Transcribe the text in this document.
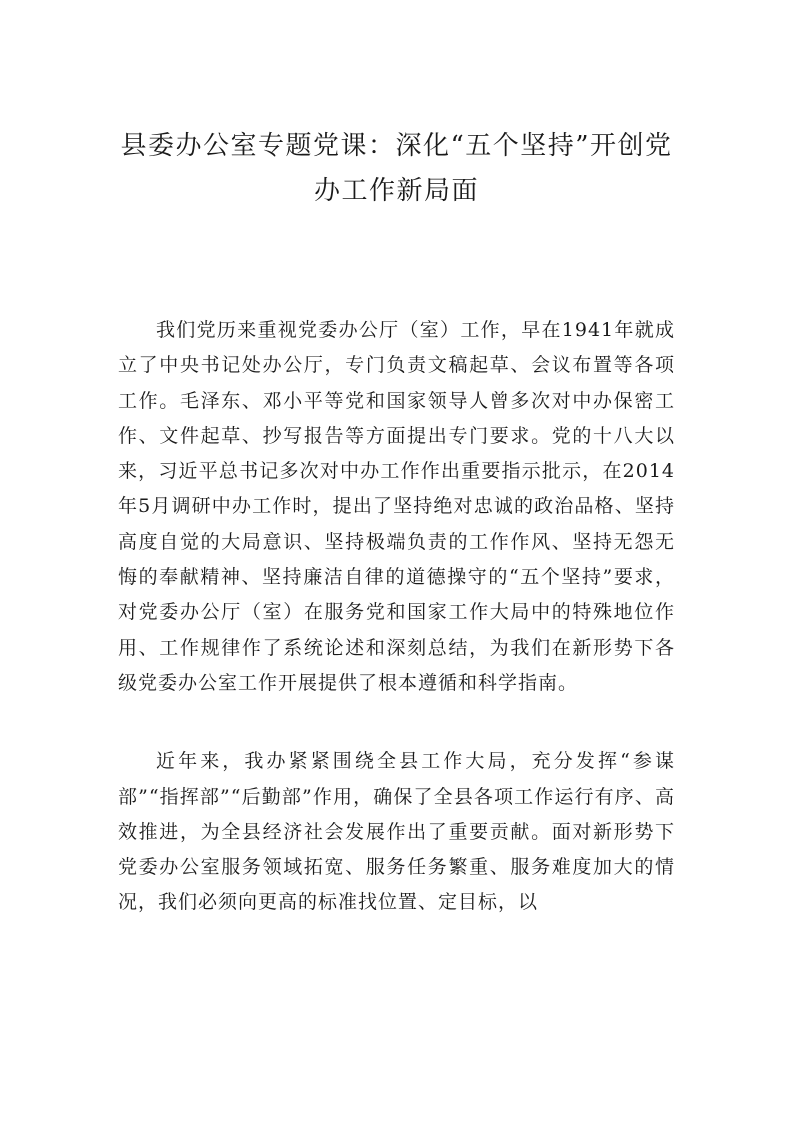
县委办公室专题党课：深化“五个坚持”开创党办工作新局面

我们党历来重视党委办公厅（室）工作，早在1941年就成立了中央书记处办公厅，专门负责文稿起草、会议布置等各项工作。毛泽东、邓小平等党和国家领导人曾多次对中办保密工作、文件起草、抄写报告等方面提出专门要求。党的十八大以来，习近平总书记多次对中办工作作出重要指示批示，在2014年5月调研中办工作时，提出了坚持绝对忠诚的政治品格、坚持高度自觉的大局意识、坚持极端负责的工作作风、坚持无怨无悔的奉献精神、坚持廉洁自律的道德操守的“五个坚持”要求，对党委办公厅（室）在服务党和国家工作大局中的特殊地位作用、工作规律作了系统论述和深刻总结，为我们在新形势下各级党委办公室工作开展提供了根本遵循和科学指南。

近年来，我办紧紧围绕全县工作大局，充分发挥“参谋部”“指挥部”“后勤部”作用，确保了全县各项工作运行有序、高效推进，为全县经济社会发展作出了重要贡献。面对新形势下党委办公室服务领域拓宽、服务任务繁重、服务难度加大的情况，我们必须向更高的标准找位置、定目标，以
